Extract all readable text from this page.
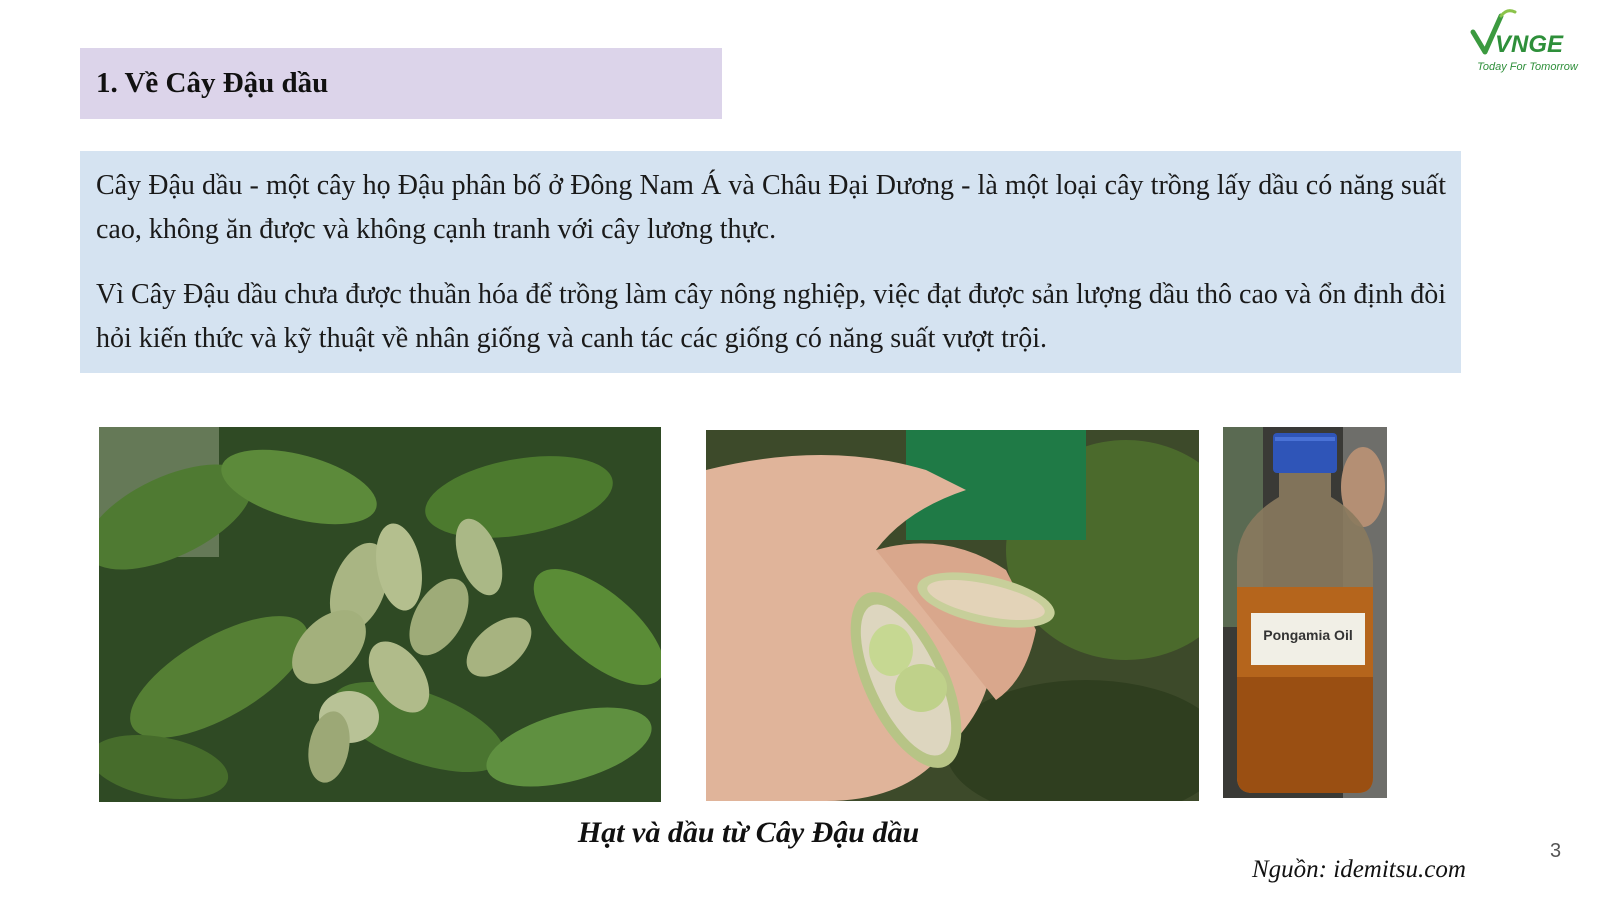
1. Về Cây Đậu dầu
VNGE
Today For Tomorrow

Cây Đậu dầu - một cây họ Đậu phân bố ở Đông Nam Á và Châu Đại Dương - là một loại cây trồng lấy dầu có năng suất cao, không ăn được và không cạnh tranh với cây lương thực.

Vì Cây Đậu dầu chưa được thuần hóa để trồng làm cây nông nghiệp, việc đạt được sản lượng dầu thô cao và ổn định đòi hỏi kiến thức và kỹ thuật về nhân giống và canh tác các giống có năng suất vượt trội.

Pongamia Oil
Hạt và dầu từ Cây Đậu dầu
Nguồn: idemitsu.com
3
